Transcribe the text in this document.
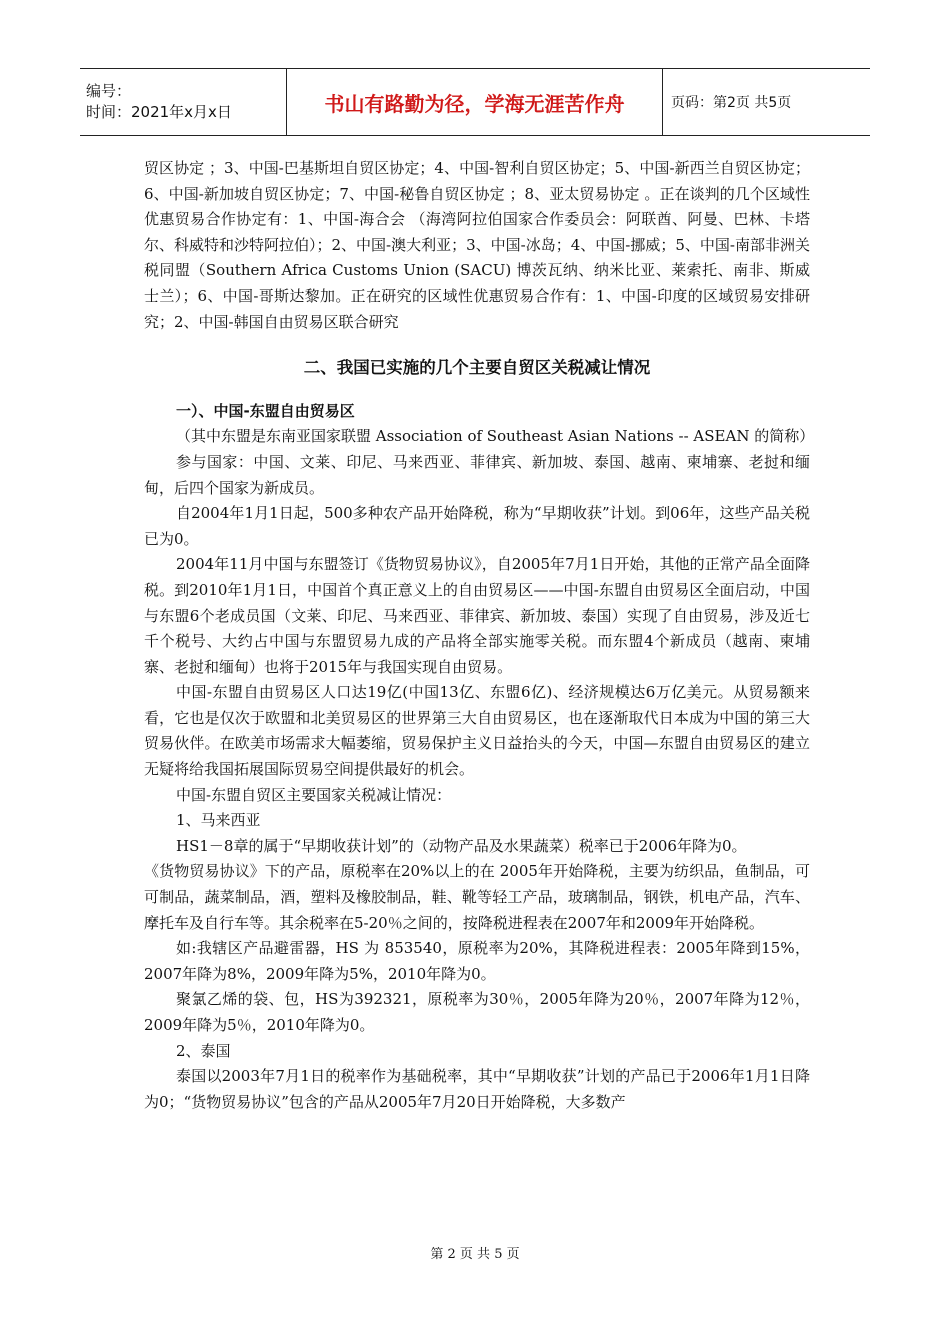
编号：
时间：2021年x月x日	书山有路勤为径，学海无涯苦作舟	页码：第2页 共5页

贸区协定 ；3、中国-巴基斯坦自贸区协定；4、中国-智利自贸区协定；5、中国-新西兰自贸区协定；6、中国-新加坡自贸区协定；7、中国-秘鲁自贸区协定 ；8、亚太贸易协定 。正在谈判的几个区域性优惠贸易合作协定有：1、中国-海合会 （海湾阿拉伯国家合作委员会：阿联酋、阿曼、巴林、卡塔尔、科威特和沙特阿拉伯）；2、中国-澳大利亚；3、中国-冰岛；4、中国-挪威；5、中国-南部非洲关税同盟（Southern Africa Customs Union (SACU) 博茨瓦纳、纳米比亚、莱索托、南非、斯威士兰）；6、中国-哥斯达黎加。正在研究的区域性优惠贸易合作有：1、中国-印度的区域贸易安排研究；2、中国-韩国自由贸易区联合研究

二、我国已实施的几个主要自贸区关税减让情况

一）、中国-东盟自由贸易区

（其中东盟是东南亚国家联盟 Association of Southeast Asian Nations -- ASEAN 的简称）

参与国家：中国、文莱、印尼、马来西亚、菲律宾、新加坡、泰国、越南、柬埔寨、老挝和缅甸，后四个国家为新成员。

自2004年1月1日起，500多种农产品开始降税，称为“早期收获”计划。到06年，这些产品关税已为0。

2004年11月中国与东盟签订《货物贸易协议》，自2005年7月1日开始，其他的正常产品全面降税。到2010年1月1日，中国首个真正意义上的自由贸易区——中国-东盟自由贸易区全面启动，中国与东盟6个老成员国（文莱、印尼、马来西亚、菲律宾、新加坡、泰国）实现了自由贸易，涉及近七千个税号、大约占中国与东盟贸易九成的产品将全部实施零关税。而东盟4个新成员（越南、柬埔寨、老挝和缅甸）也将于2015年与我国实现自由贸易。

中国-东盟自由贸易区人口达19亿(中国13亿、东盟6亿)、经济规模达6万亿美元。从贸易额来看，它也是仅次于欧盟和北美贸易区的世界第三大自由贸易区，也在逐渐取代日本成为中国的第三大贸易伙伴。在欧美市场需求大幅萎缩，贸易保护主义日益抬头的今天，中国—东盟自由贸易区的建立无疑将给我国拓展国际贸易空间提供最好的机会。

中国-东盟自贸区主要国家关税减让情况：

1、马来西亚

HS1－8章的属于“早期收获计划”的（动物产品及水果蔬菜）税率已于2006年降为0。

《货物贸易协议》下的产品，原税率在20%以上的在 2005年开始降税，主要为纺织品，鱼制品，可可制品，蔬菜制品，酒，塑料及橡胶制品，鞋、靴等轻工产品，玻璃制品，钢铁，机电产品，汽车、摩托车及自行车等。其余税率在5-20％之间的，按降税进程表在2007年和2009年开始降税。

如:我辖区产品避雷器，HS 为 853540，原税率为20%，其降税进程表：2005年降到15%，2007年降为8%，2009年降为5%，2010年降为0。

聚氯乙烯的袋、包，HS为392321，原税率为30％，2005年降为20％，2007年降为12％，2009年降为5％，2010年降为0。

2、泰国

泰国以2003年7月1日的税率作为基础税率，其中“早期收获”计划的产品已于2006年1月1日降为0；“货物贸易协议”包含的产品从2005年7月20日开始降税，大多数产

第 2 页 共 5 页
